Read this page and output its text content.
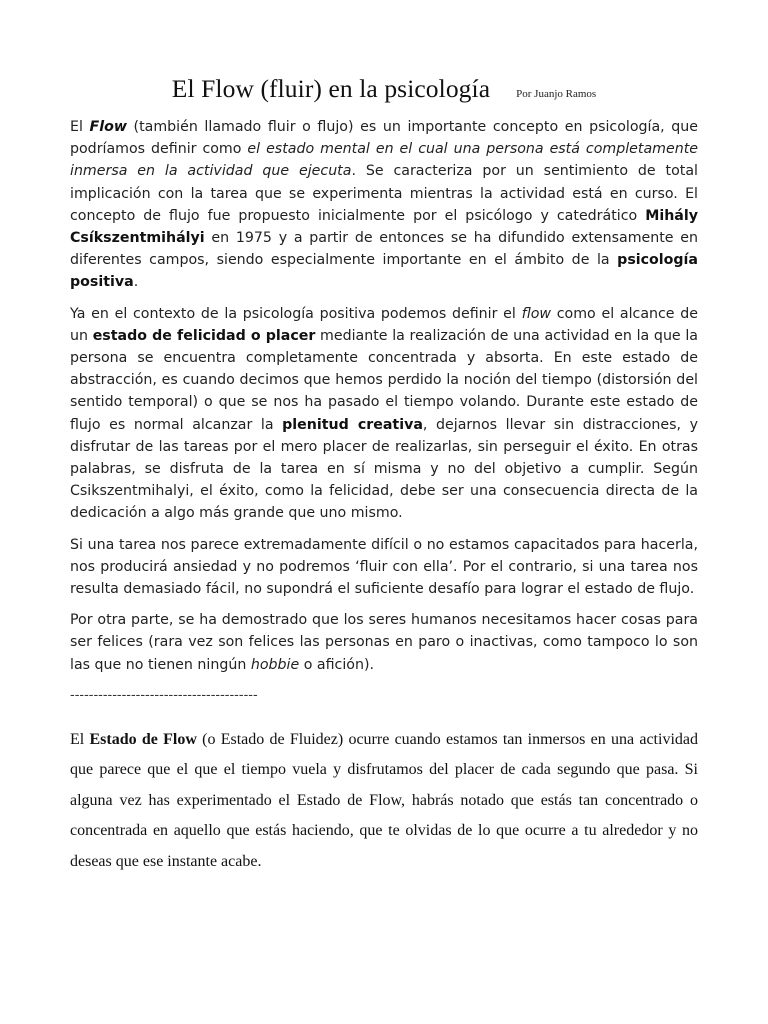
El Flow (fluir) en la psicología Por Juanjo Ramos

El Flow (también llamado fluir o flujo) es un importante concepto en psicología, que podríamos definir como el estado mental en el cual una persona está completamente inmersa en la actividad que ejecuta. Se caracteriza por un sentimiento de total implicación con la tarea que se experimenta mientras la actividad está en curso. El concepto de flujo fue propuesto inicialmente por el psicólogo y catedrático Mihály Csíkszentmihályi en 1975 y a partir de entonces se ha difundido extensamente en diferentes campos, siendo especialmente importante en el ámbito de la psicología positiva.

Ya en el contexto de la psicología positiva podemos definir el flow como el alcance de un estado de felicidad o placer mediante la realización de una actividad en la que la persona se encuentra completamente concentrada y absorta. En este estado de abstracción, es cuando decimos que hemos perdido la noción del tiempo (distorsión del sentido temporal) o que se nos ha pasado el tiempo volando. Durante este estado de flujo es normal alcanzar la plenitud creativa, dejarnos llevar sin distracciones, y disfrutar de las tareas por el mero placer de realizarlas, sin perseguir el éxito. En otras palabras, se disfruta de la tarea en sí misma y no del objetivo a cumplir. Según Csikszentmihalyi, el éxito, como la felicidad, debe ser una consecuencia directa de la dedicación a algo más grande que uno mismo.

Si una tarea nos parece extremadamente difícil o no estamos capacitados para hacerla, nos producirá ansiedad y no podremos ‘fluir con ella’. Por el contrario, si una tarea nos resulta demasiado fácil, no supondrá el suficiente desafío para lograr el estado de flujo.

Por otra parte, se ha demostrado que los seres humanos necesitamos hacer cosas para ser felices (rara vez son felices las personas en paro o inactivas, como tampoco lo son las que no tienen ningún hobbie o afición).

----------------------------------------

El Estado de Flow (o Estado de Fluidez) ocurre cuando estamos tan inmersos en una actividad que parece que el que el tiempo vuela y disfrutamos del placer de cada segundo que pasa. Si alguna vez has experimentado el Estado de Flow, habrás notado que estás tan concentrado o concentrada en aquello que estás haciendo, que te olvidas de lo que ocurre a tu alrededor y no deseas que ese instante acabe.
